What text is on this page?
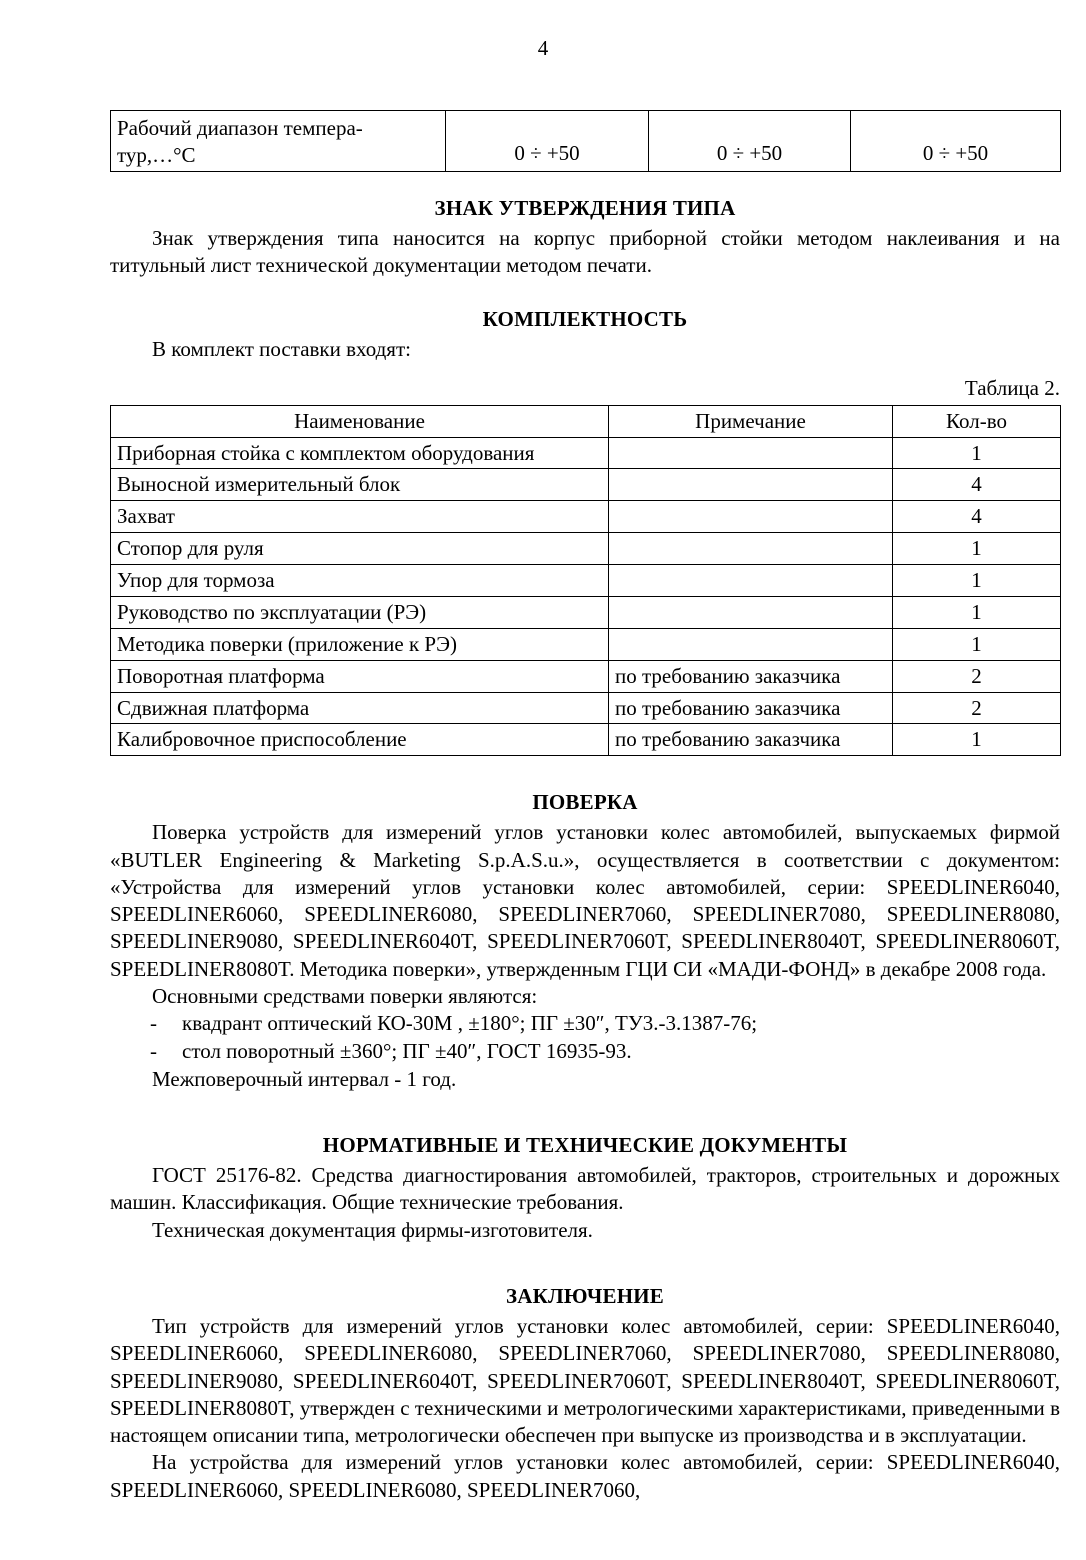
4
Рабочий диапазон темпера-
тур,…°С	0 ÷ +50	0 ÷ +50	0 ÷ +50
ЗНАК УТВЕРЖДЕНИЯ ТИПА

Знак утверждения типа наносится на корпус приборной стойки методом наклеивания и на титульный лист технической документации методом печати.

КОМПЛЕКТНОСТЬ

В комплект поставки входят:

Таблица 2.

Наименование	Примечание	Кол-во
Приборная стойка с комплектом оборудования		1
Выносной измерительный блок		4
Захват		4
Стопор для руля		1
Упор для тормоза		1
Руководство по эксплуатации (РЭ)		1
Методика поверки (приложение к РЭ)		1
Поворотная платформа	по требованию заказчика	2
Сдвижная платформа	по требованию заказчика	2
Калибровочное приспособление	по требованию заказчика	1
ПОВЕРКА

Поверка устройств для измерений углов установки колес автомобилей, выпускаемых фирмой «BUTLER Engineering & Marketing S.p.A.S.u.», осуществляется в соответствии с документом: «Устройства для измерений углов установки колес автомобилей, серии: SPEEDLINER6040, SPEEDLINER6060, SPEEDLINER6080, SPEEDLINER7060, SPEEDLINER7080, SPEEDLINER8080, SPEEDLINER9080, SPEEDLINER6040T, SPEEDLINER7060T, SPEEDLINER8040T, SPEEDLINER8060T, SPEEDLINER8080T. Методика поверки», утвержденным ГЦИ СИ «МАДИ-ФОНД» в декабре 2008 года.

Основными средствами поверки являются:

- квадрант оптический КО-30М , ±180°; ПГ ±30″, ТУ3.-3.1387-76;
- стол поворотный ±360°; ПГ ±40″, ГОСТ 16935-93.

Межповерочный интервал - 1 год.

НОРМАТИВНЫЕ И ТЕХНИЧЕСКИЕ ДОКУМЕНТЫ

ГОСТ 25176-82. Средства диагностирования автомобилей, тракторов, строительных и дорожных машин. Классификация. Общие технические требования.

Техническая документация фирмы-изготовителя.

ЗАКЛЮЧЕНИЕ

Тип устройств для измерений углов установки колес автомобилей, серии: SPEEDLINER6040, SPEEDLINER6060, SPEEDLINER6080, SPEEDLINER7060, SPEEDLINER7080, SPEEDLINER8080, SPEEDLINER9080, SPEEDLINER6040T, SPEEDLINER7060T, SPEEDLINER8040T, SPEEDLINER8060T, SPEEDLINER8080T, утвержден с техническими и метрологическими характеристиками, приведенными в настоящем описании типа, метрологически обеспечен при выпуске из производства и в эксплуатации.

На устройства для измерений углов установки колес автомобилей, серии: SPEEDLINER6040, SPEEDLINER6060, SPEEDLINER6080, SPEEDLINER7060,
